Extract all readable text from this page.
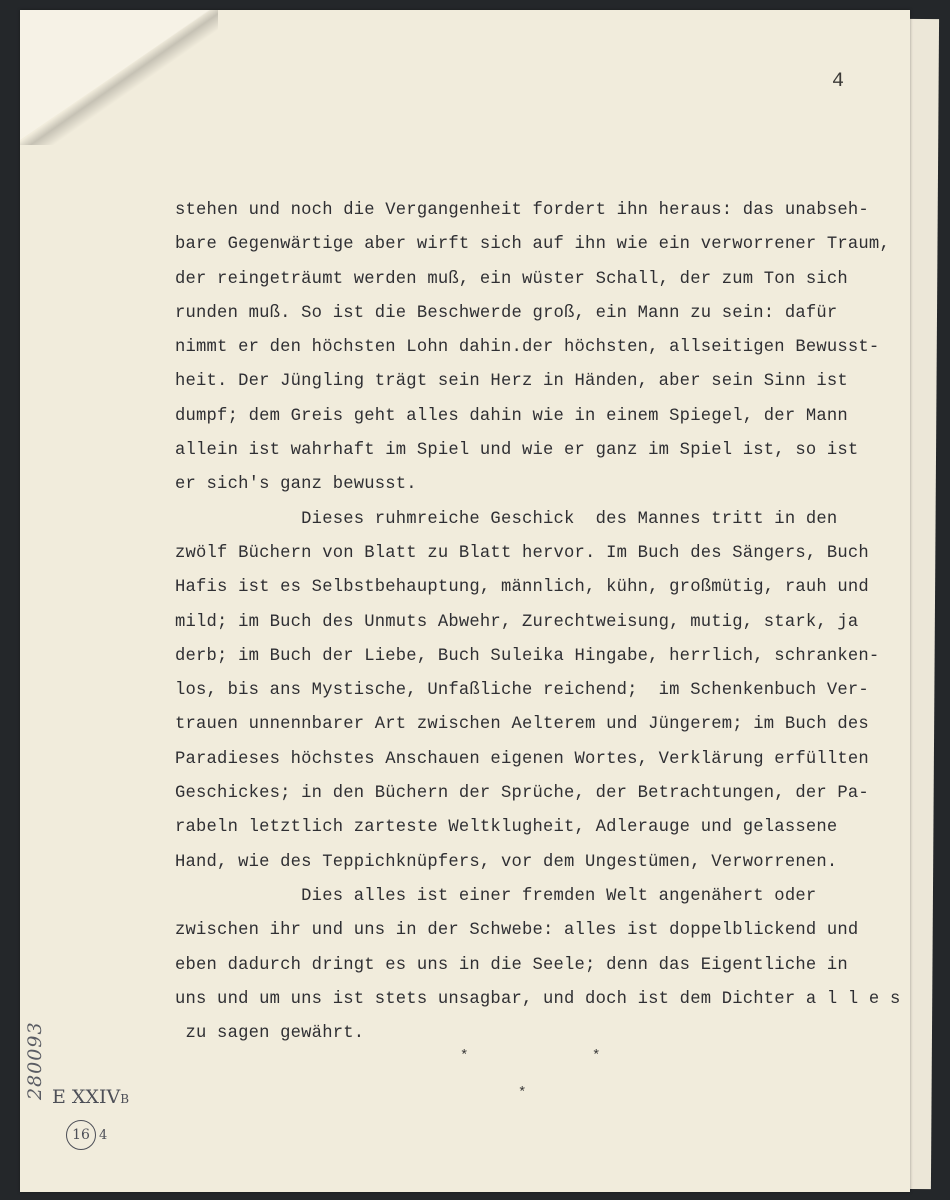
4
stehen und noch die Vergangenheit fordert ihn heraus: das unabseh-
bare Gegenwärtige aber wirft sich auf ihn wie ein verworrener Traum,
der reingeträumt werden muß, ein wüster Schall, der zum Ton sich
runden muß. So ist die Beschwerde groß, ein Mann zu sein: dafür
nimmt er den höchsten Lohn dahin.der höchsten, allseitigen Bewusst-
heit. Der Jüngling trägt sein Herz in Händen, aber sein Sinn ist
dumpf; dem Greis geht alles dahin wie in einem Spiegel, der Mann
allein ist wahrhaft im Spiel und wie er ganz im Spiel ist, so ist
er sich's ganz bewusst.
Dieses ruhmreiche Geschick  des Mannes tritt in den
zwölf Büchern von Blatt zu Blatt hervor. Im Buch des Sängers, Buch
Hafis ist es Selbstbehauptung, männlich, kühn, großmütig, rauh und
mild; im Buch des Unmuts Abwehr, Zurechtweisung, mutig, stark, ja
derb; im Buch der Liebe, Buch Suleika Hingabe, herrlich, schranken-
los, bis ans Mystische, Unfaßliche reichend;  im Schenkenbuch Ver-
trauen unnennbarer Art zwischen Aelterem und Jüngerem; im Buch des
Paradieses höchstes Anschauen eigenen Wortes, Verklärung erfüllten
Geschickes; in den Büchern der Sprüche, der Betrachtungen, der Pa-
rabeln letztlich zarteste Weltklugheit, Adlerauge und gelassene
Hand, wie des Teppichknüpfers, vor dem Ungestümen, Verworrenen.
Dies alles ist einer fremden Welt angenähert oder
zwischen ihr und uns in der Schwebe: alles ist doppelblickend und
eben dadurch dringt es uns in die Seele; denn das Eigentliche in
uns und um uns ist stets unsagbar, und doch ist dem Dichter a l l e s
zu sagen gewährt.
*	*
*
280093 E XXIVB
16 4
